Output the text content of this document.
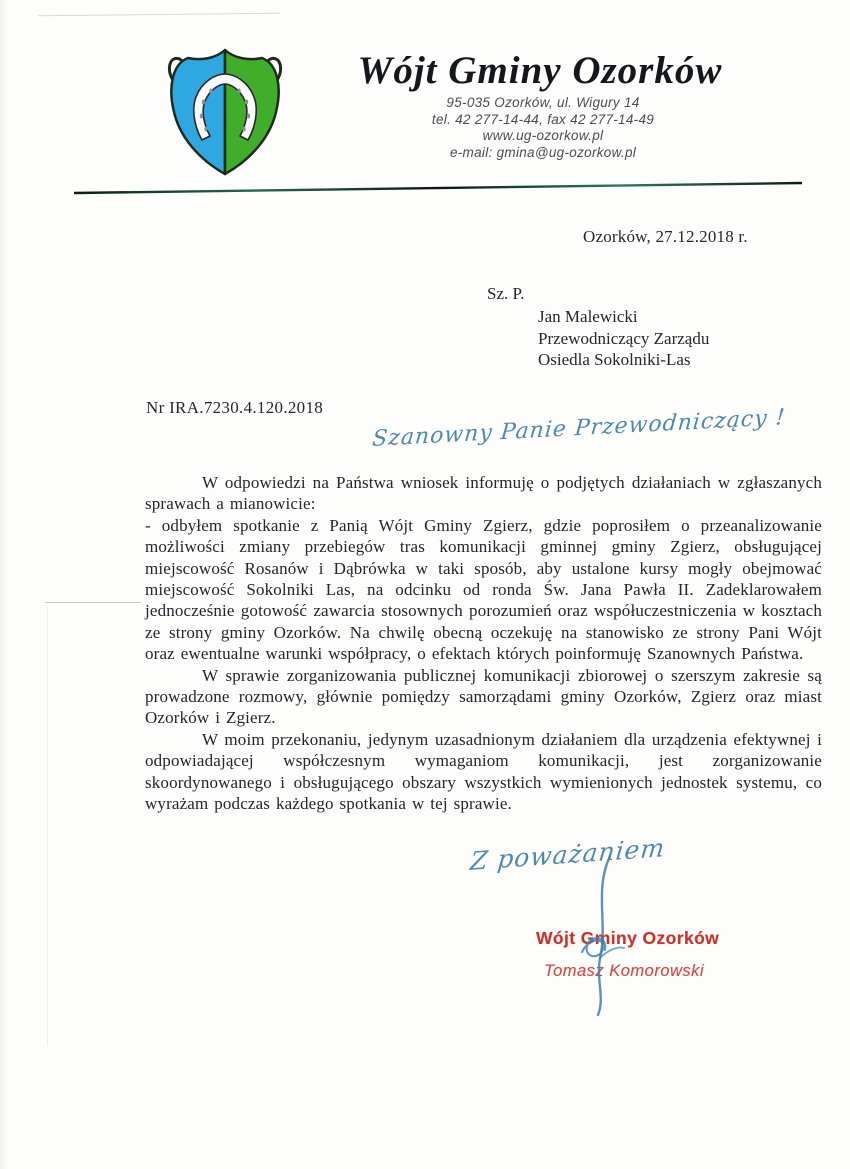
Wójt Gminy Ozorków
95-035 Ozorków, ul. Wigury 14
tel. 42 277-14-44, fax 42 277-14-49
www.ug-ozorkow.pl
e-mail: gmina@ug-ozorkow.pl
Ozorków, 27.12.2018 r.
Sz. P.
Jan Malewicki
Przewodniczący Zarządu
Osiedla Sokolniki-Las
Nr IRA.7230.4.120.2018 Szanowny Panie Przewodniczący !

W odpowiedzi na Państwa wniosek informuję o podjętych działaniach w zgłaszanych sprawach a mianowicie:

- odbyłem spotkanie z Panią Wójt Gminy Zgierz, gdzie poprosiłem o przeanalizowanie możliwości zmiany przebiegów tras komunikacji gminnej gminy Zgierz, obsługującej miejscowość Rosanów i Dąbrówka w taki sposób, aby ustalone kursy mogły obejmować miejscowość Sokolniki Las, na odcinku od ronda Św. Jana Pawła II. Zadeklarowałem jednocześnie gotowość zawarcia stosownych porozumień oraz współuczestniczenia w kosztach ze strony gminy Ozorków. Na chwilę obecną oczekuję na stanowisko ze strony Pani Wójt oraz ewentualne warunki współpracy, o efektach których poinformuję Szanownych Państwa.

W sprawie zorganizowania publicznej komunikacji zbiorowej o szerszym zakresie są prowadzone rozmowy, głównie pomiędzy samorządami gminy Ozorków, Zgierz oraz miast Ozorków i Zgierz.

W moim przekonaniu, jedynym uzasadnionym działaniem dla urządzenia efektywnej i odpowiadającej współczesnym wymaganiom komunikacji, jest zorganizowanie skoordynowanego i obsługującego obszary wszystkich wymienionych jednostek systemu, co wyrażam podczas każdego spotkania w tej sprawie.

Z poważaniem
Wójt Gminy Ozorków
Tomasz Komorowski
